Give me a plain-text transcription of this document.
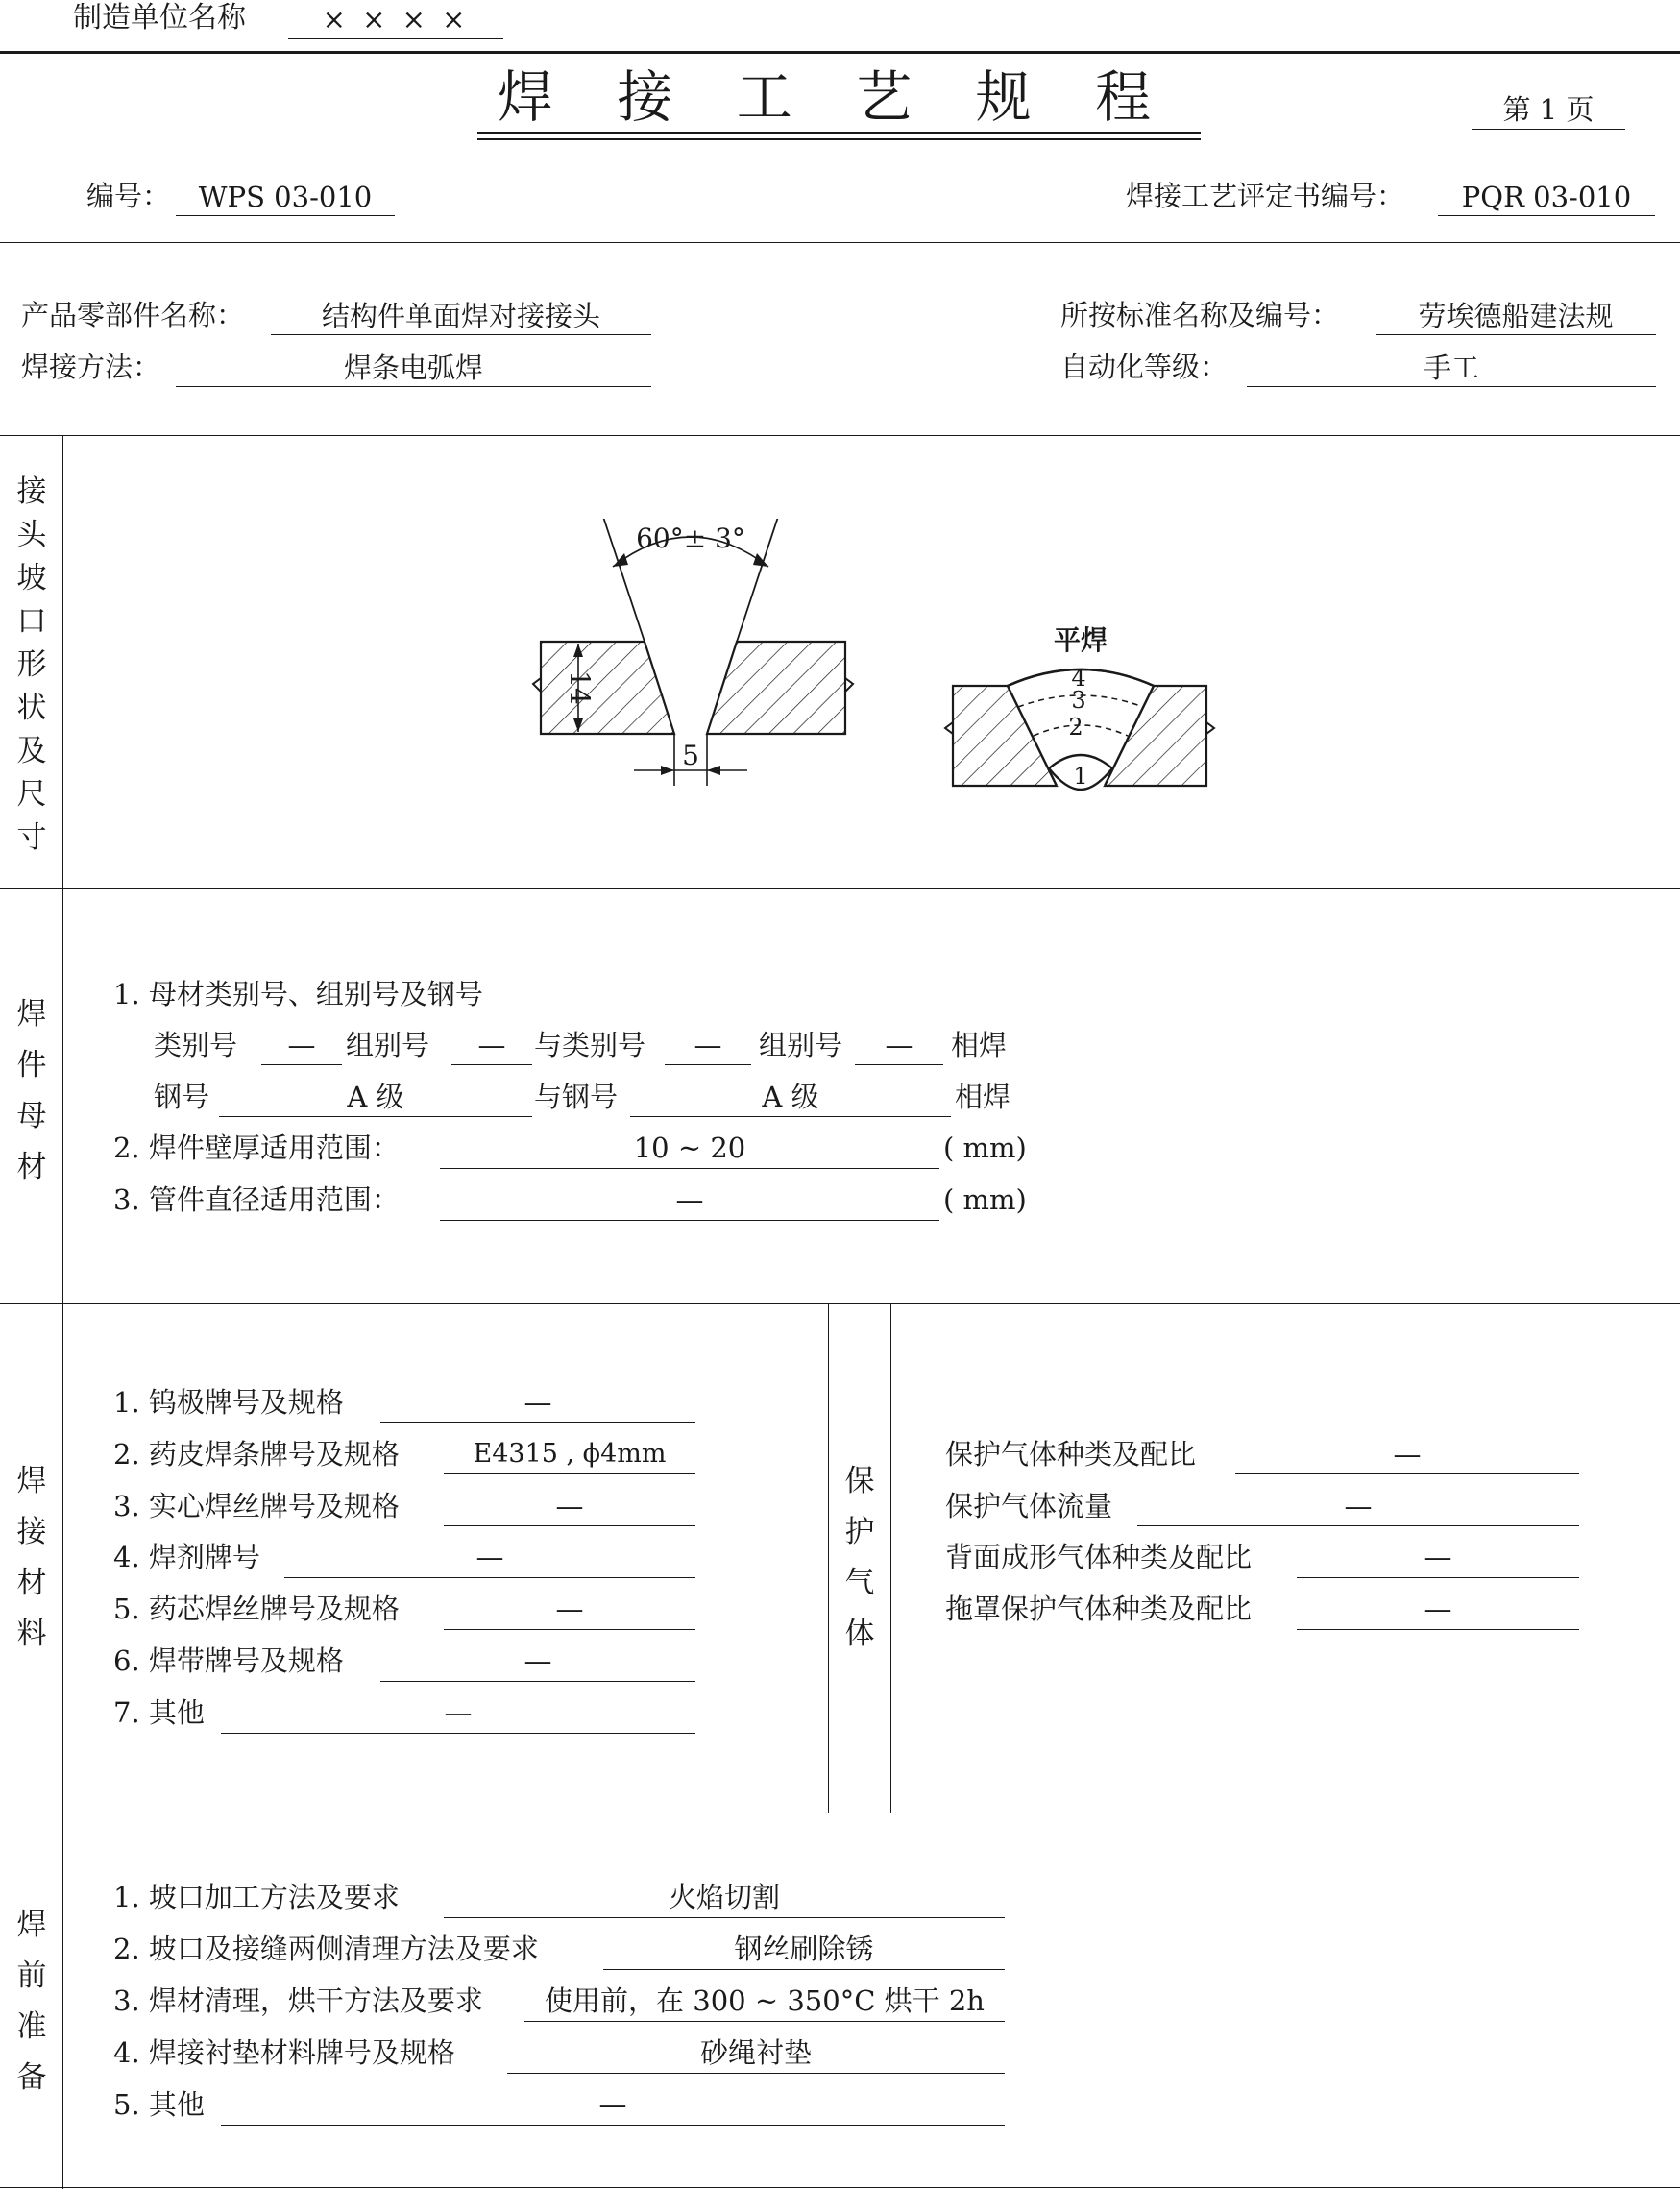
制造单位名称	× × × ×
焊 接 工 艺 规 程	第 1 页
编号：	WPS 03-010	焊接工艺评定书编号：	PQR 03-010
产品零部件名称：	结构件单面焊对接接头	所按标准名称及编号：	劳埃德船建法规
焊接方法：	焊条电弧焊	自动化等级：	手工
接
头
坡
口
形
状
及
尺
寸
60°± 3°
14
5
平焊
1
2
3
4
焊
件
母
材
1. 母材类别号、组别号及钢号
类别号	—	组别号	—	与类别号	—	组别号	—	相焊
钢号	A 级	与钢号	A 级	相焊
2. 焊件壁厚适用范围：	10 ~ 20	( mm)
3. 管件直径适用范围：	—	( mm)
焊
接
材
料
1. 钨极牌号及规格	—
2. 药皮焊条牌号及规格	E4315 , ϕ4mm
3. 实心焊丝牌号及规格	—
4. 焊剂牌号	—
5. 药芯焊丝牌号及规格	—
6. 焊带牌号及规格	—
7. 其他	—
保
护
气
体
保护气体种类及配比	—
保护气体流量	—
背面成形气体种类及配比	—
拖罩保护气体种类及配比	—
焊
前
准
备
1. 坡口加工方法及要求	火焰切割
2. 坡口及接缝两侧清理方法及要求	钢丝刷除锈
3. 焊材清理，烘干方法及要求	使用前，在 300 ~ 350°C 烘干 2h
4. 焊接衬垫材料牌号及规格	砂绳衬垫
5. 其他	—
